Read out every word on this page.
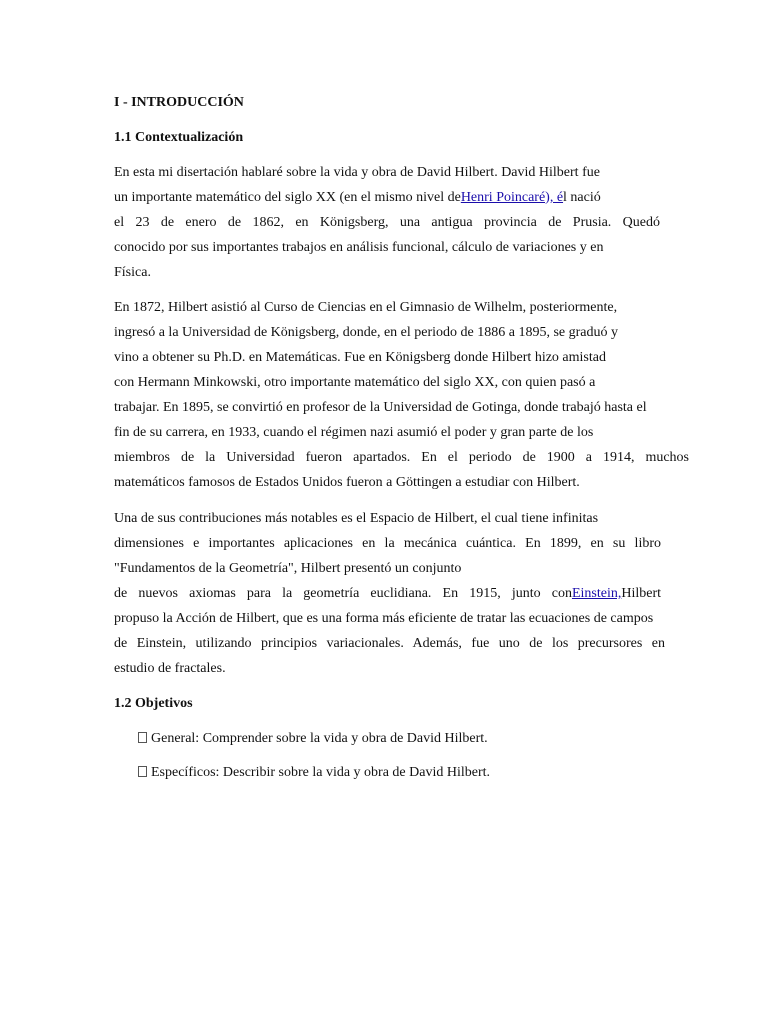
I - INTRODUCCIÓN
1.1 Contextualización
En esta mi disertación hablaré sobre la vida y obra de David Hilbert. David Hilbert fue
un importante matemático del siglo XX (en el mismo nivel deHenri Poincaré), él nació
el 23 de enero de 1862, en Königsberg, una antigua provincia de Prusia. Quedó
conocido por sus importantes trabajos en análisis funcional, cálculo de variaciones y en
Física.
En 1872, Hilbert asistió al Curso de Ciencias en el Gimnasio de Wilhelm, posteriormente,
ingresó a la Universidad de Königsberg, donde, en el periodo de 1886 a 1895, se graduó y
vino a obtener su Ph.D. en Matemáticas. Fue en Königsberg donde Hilbert hizo amistad
con Hermann Minkowski, otro importante matemático del siglo XX, con quien pasó a
trabajar. En 1895, se convirtió en profesor de la Universidad de Gotinga, donde trabajó hasta el
fin de su carrera, en 1933, cuando el régimen nazi asumió el poder y gran parte de los
miembros de la Universidad fueron apartados. En el periodo de 1900 a 1914, muchos
matemáticos famosos de Estados Unidos fueron a Göttingen a estudiar con Hilbert.
Una de sus contribuciones más notables es el Espacio de Hilbert, el cual tiene infinitas
dimensiones e importantes aplicaciones en la mecánica cuántica. En 1899, en su libro
"Fundamentos de la Geometría", Hilbert presentó un conjunto
de nuevos axiomas para la geometría euclidiana. En 1915, junto con Einstein, Hilbert
propuso la Acción de Hilbert, que es una forma más eficiente de tratar las ecuaciones de campos
de Einstein, utilizando principios variacionales. Además, fue uno de los precursores en
estudio de fractales.
1.2 Objetivos
General: Comprender sobre la vida y obra de David Hilbert.
Específicos: Describir sobre la vida y obra de David Hilbert.
